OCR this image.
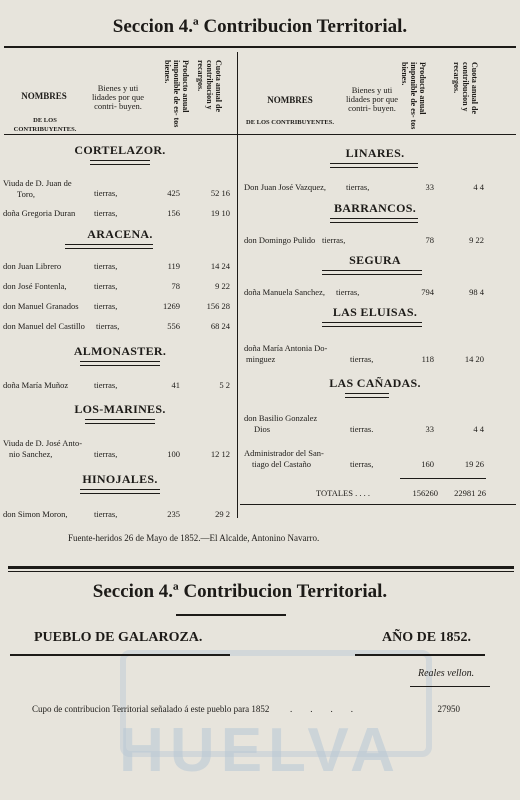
Seccion 4.ª Contribucion Territorial.
NOMBRES
DE LOS CONTRIBUYENTES.
Bienes y uti lidades por que contri- buyen.	Producto anual imponible de es- tos bienes.	Cuota anual de contribucion y recargos.
NOMBRES
DE LOS CONTRIBUYENTES.
Bienes y uti lidades por que contri- buyen.	Producto anual imponible de es- tos bienes.	Cuota anual de contribucion y recargos.
CORTELAZOR.
Viuda de D. Juan de
Toro,	tierras,	425	52 16
doña Gregoria Duran tierras,	156	19 10
ARACENA.
don Juan Librero	tierras,	119	14 24
don José Fontenla,	tierras,	78	9 22
don Manuel Granados tierras,	1269	156 28
don Manuel del Castillo tierras,	556	68 24
ALMONASTER.
doña María Muñoz	tierras,	41	5 2
LOS-MARINES.
Viuda de D. José Anto-
nio Sanchez,	tierras,	100	12 12
HINOJALES.
don Simon Moron,	tierras,	235	29 2
LINARES.
Don Juan José Vazquez, tierras,	33	4 4
BARRANCOS.
don Domingo Pulido tierras,	78	9 22
SEGURA
doña Manuela Sanchez, tierras,	794	98 4
LAS ELUISAS.
doña María Antonia Do-
minguez	tierras,	118	14 20
LAS CAÑADAS.
don Basilio Gonzalez
Dios	tierras.	33	4 4
Administrador del San-
tiago del Castaño	tierras,	160	19 26
TOTALES . . . .	156260	22981 26
Fuente-heridos 26 de Mayo de 1852.—El Alcalde, Antonino Navarro.
HUELVA
Seccion 4.ª Contribucion Territorial.
PUEBLO DE GALAROZA.	AÑO DE 1852.
Reales vellon.
Cupo de contribucion Territorial señalado á este pueblo para 1852 ....	27950
